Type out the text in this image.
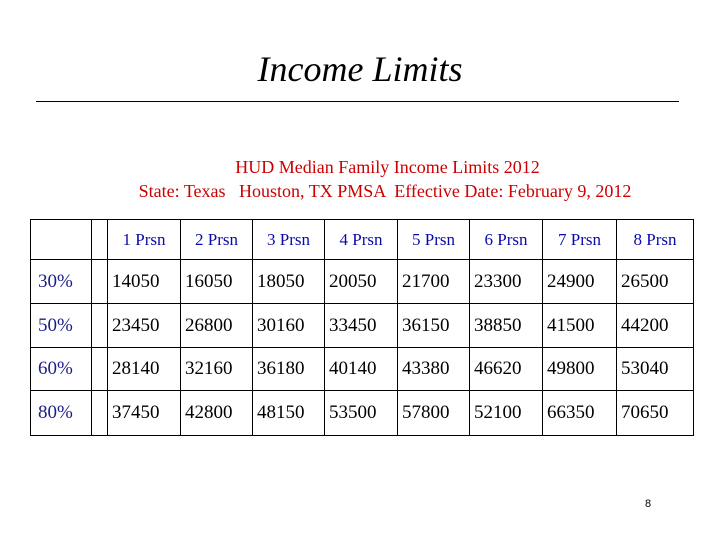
Income Limits
HUD Median Family Income Limits 2012
State: Texas   Houston, TX PMSA  Effective Date: February 9, 2012
		1 Prsn	2 Prsn	3 Prsn	4 Prsn	5 Prsn	6 Prsn	7 Prsn	8 Prsn
30%		14050	16050	18050	20050	21700	23300	24900	26500
50%		23450	26800	30160	33450	36150	38850	41500	44200
60%		28140	32160	36180	40140	43380	46620	49800	53040
80%		37450	42800	48150	53500	57800	52100	66350	70650
8
